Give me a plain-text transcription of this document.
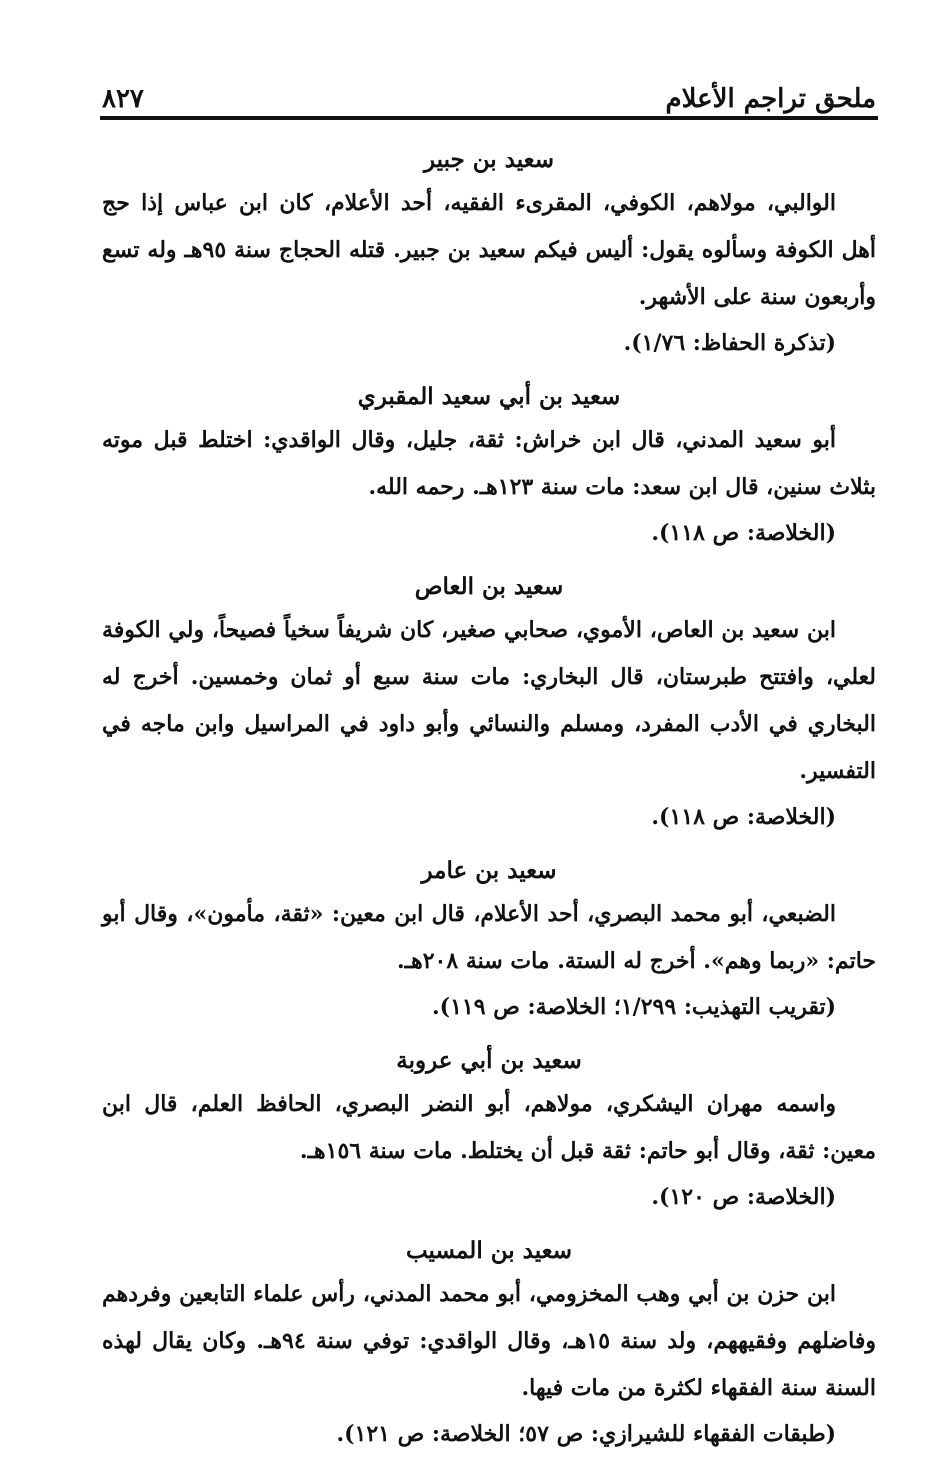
ملحق تراجم الأعلام
٨٢٧

سعيد بن جبير

الوالبي، مولاهم، الكوفي، المقرىء الفقيه، أحد الأعلام، كان ابن عباس إذا حج أهل الكوفة وسألوه يقول: أليس فيكم سعيد بن جبير. قتله الحجاج سنة ٩٥هـ وله تسع وأربعون سنة على الأشهر.

(تذكرة الحفاظ: ١/٧٦).

سعيد بن أبي سعيد المقبري

أبو سعيد المدني، قال ابن خراش: ثقة، جليل، وقال الواقدي: اختلط قبل موته بثلاث سنين، قال ابن سعد: مات سنة ١٢٣هـ. رحمه الله.

(الخلاصة: ص ١١٨).

سعيد بن العاص

ابن سعيد بن العاص، الأموي، صحابي صغير، كان شريفاً سخياً فصيحاً، ولي الكوفة لعلي، وافتتح طبرستان، قال البخاري: مات سنة سبع أو ثمان وخمسين. أخرج له البخاري في الأدب المفرد، ومسلم والنسائي وأبو داود في المراسيل وابن ماجه في التفسير.

(الخلاصة: ص ١١٨).

سعيد بن عامر

الضبعي، أبو محمد البصري، أحد الأعلام، قال ابن معين: «ثقة، مأمون»، وقال أبو حاتم: «ربما وهم». أخرج له الستة. مات سنة ٢٠٨هـ.

(تقريب التهذيب: ١/٢٩٩؛ الخلاصة: ص ١١٩).

سعيد بن أبي عروبة

واسمه مهران اليشكري، مولاهم، أبو النضر البصري، الحافظ العلم، قال ابن معين: ثقة، وقال أبو حاتم: ثقة قبل أن يختلط. مات سنة ١٥٦هـ.

(الخلاصة: ص ١٢٠).

سعيد بن المسيب

ابن حزن بن أبي وهب المخزومي، أبو محمد المدني، رأس علماء التابعين وفردهم وفاضلهم وفقيههم، ولد سنة ١٥هـ، وقال الواقدي: توفي سنة ٩٤هـ. وكان يقال لهذه السنة سنة الفقهاء لكثرة من مات فيها.

(طبقات الفقهاء للشيرازي: ص ٥٧؛ الخلاصة: ص ١٢١).
